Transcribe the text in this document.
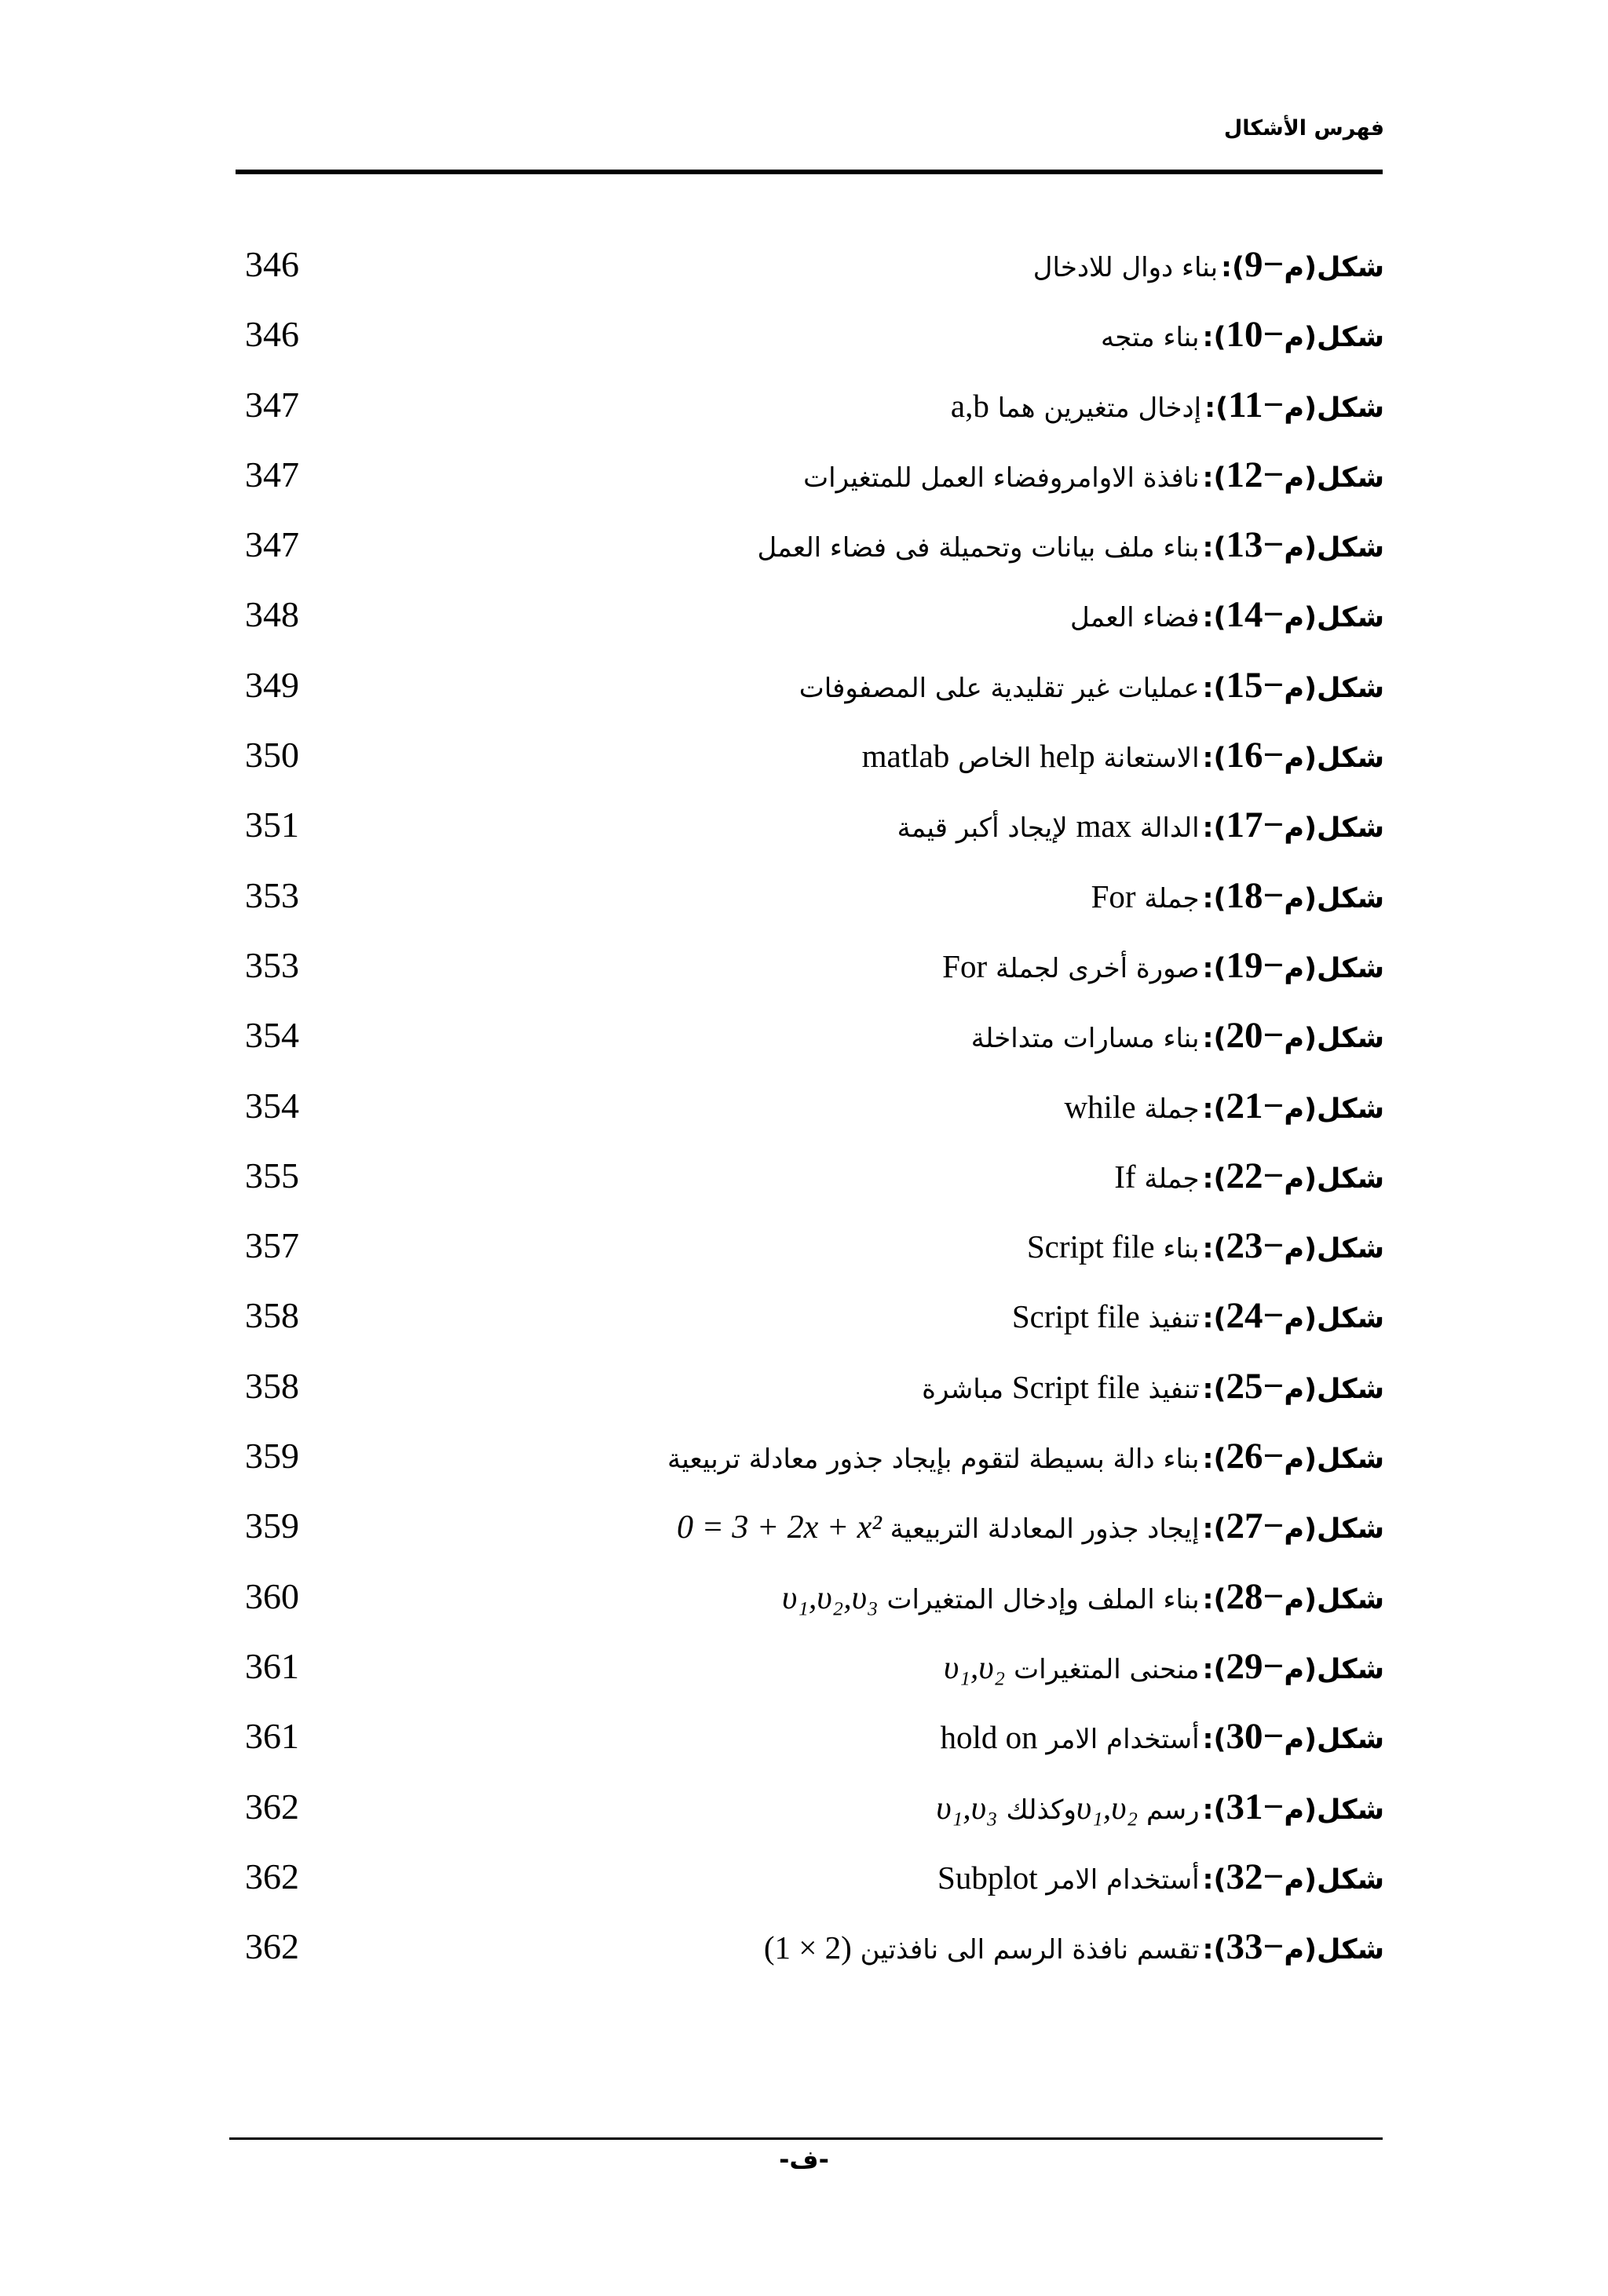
فهرس الأشكال
شكل(م−9): بناء دوال للادخال
346
شكل(م−10): بناء متجه
346
شكل(م−11): إدخال متغيرين هما a,b
347
شكل(م−12): نافذة الاوامروفضاء العمل للمتغيرات
347
شكل(م−13): بناء ملف بيانات وتحميلة فى فضاء العمل
347
شكل(م−14): فضاء العمل
348
شكل(م−15): عمليات غير تقليدية على المصفوفات
349
شكل(م−16): الاستعانة help الخاص matlab
350
شكل(م−17): الدالة max لإيجاد أكبر قيمة
351
شكل(م−18): جملة For
353
شكل(م−19): صورة أخرى لجملة For
353
شكل(م−20): بناء مسارات متداخلة
354
شكل(م−21): جملة while
354
شكل(م−22): جملة If
355
شكل(م−23): بناء Script file
357
شكل(م−24): تنفيذ Script file
358
شكل(م−25): تنفيذ Script file مباشرة
358
شكل(م−26): بناء دالة بسيطة لتقوم بإيجاد جذور معادلة تربيعية
359
شكل(م−27): إيجاد جذور المعادلة التربيعية 0 = 3 + 2x + x²
359
شكل(م−28): بناء الملف وإدخال المتغيرات υ₁,υ₂,υ₃
360
شكل(م−29): منحنى المتغيرات υ₁,υ₂
361
شكل(م−30): أستخدام الامر hold on
361
شكل(م−31): رسم υ₁,υ₂وكذلك υ₁,υ₃
362
شكل(م−32): أستخدام الامر Subplot
362
شكل(م−33): تقسم نافذة الرسم الى نافذتين (1 × 2)
362
-ف-
